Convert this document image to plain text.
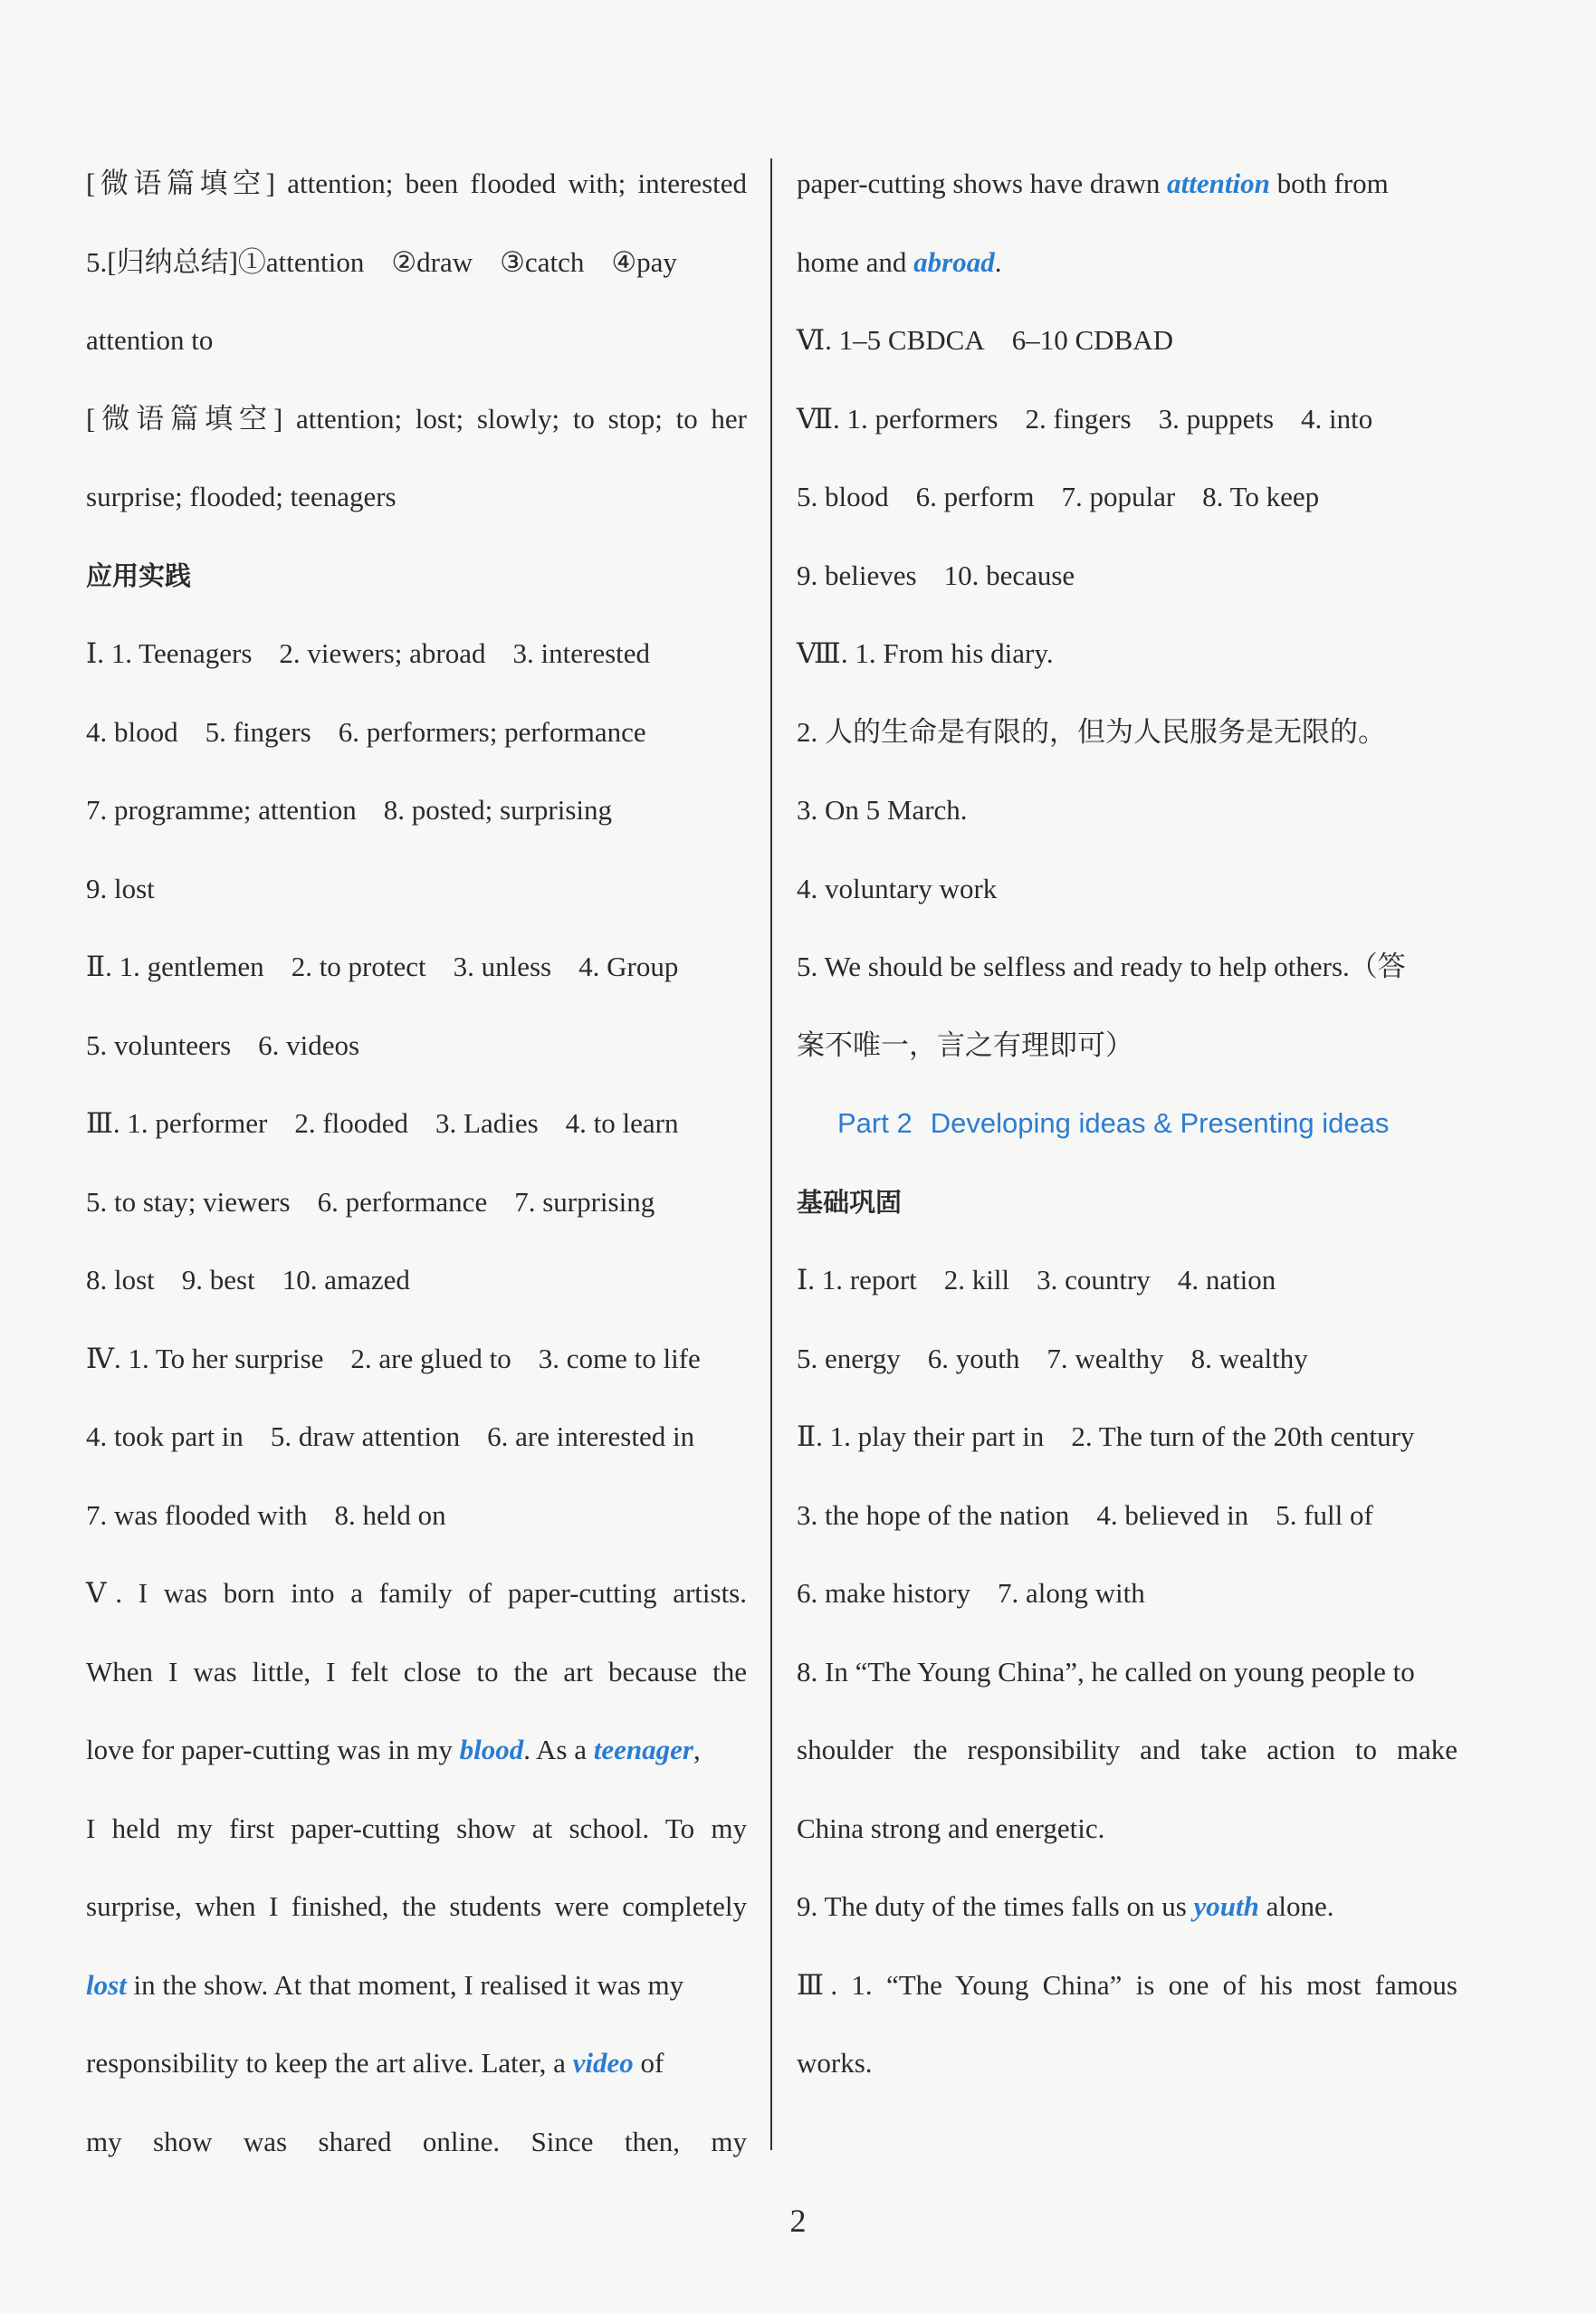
[微语篇填空] attention; been flooded with; interested
5.[归纳总结]①attention ②draw ③catch ④pay
attention to
[微语篇填空] attention; lost; slowly; to stop; to her
surprise; flooded; teenagers
应用实践
Ⅰ. 1. Teenagers 2. viewers; abroad 3. interested
4. blood 5. fingers 6. performers; performance
7. programme; attention 8. posted; surprising
9. lost
Ⅱ. 1. gentlemen 2. to protect 3. unless 4. Group
5. volunteers 6. videos
Ⅲ. 1. performer 2. flooded 3. Ladies 4. to learn
5. to stay; viewers 6. performance 7. surprising
8. lost 9. best 10. amazed
Ⅳ. 1. To her surprise 2. are glued to 3. come to life
4. took part in 5. draw attention 6. are interested in
7. was flooded with 8. held on
Ⅴ. I was born into a family of paper-cutting artists.
When I was little, I felt close to the art because the
love for paper-cutting was in my blood. As a teenager,
I held my first paper-cutting show at school. To my
surprise, when I finished, the students were completely
lost in the show. At that moment, I realised it was my
responsibility to keep the art alive. Later, a video of
my show was shared online. Since then, my
paper-cutting shows have drawn attention both from
home and abroad.
Ⅵ. 1–5 CBDCA 6–10 CDBAD
Ⅶ. 1. performers 2. fingers 3. puppets 4. into
5. blood 6. perform 7. popular 8. To keep
9. believes 10. because
Ⅷ. 1. From his diary.
2. 人的生命是有限的，但为人民服务是无限的。
3. On 5 March.
4. voluntary work
5. We should be selfless and ready to help others.（答
案不唯一，言之有理即可）
Part 2 Developing ideas & Presenting ideas
基础巩固
Ⅰ. 1. report 2. kill 3. country 4. nation
5. energy 6. youth 7. wealthy 8. wealthy
Ⅱ. 1. play their part in 2. The turn of the 20th century
3. the hope of the nation 4. believed in 5. full of
6. make history 7. along with
8. In “The Young China”, he called on young people to
shoulder the responsibility and take action to make
China strong and energetic.
9. The duty of the times falls on us youth alone.
Ⅲ. 1. “The Young China” is one of his most famous
works.
2
